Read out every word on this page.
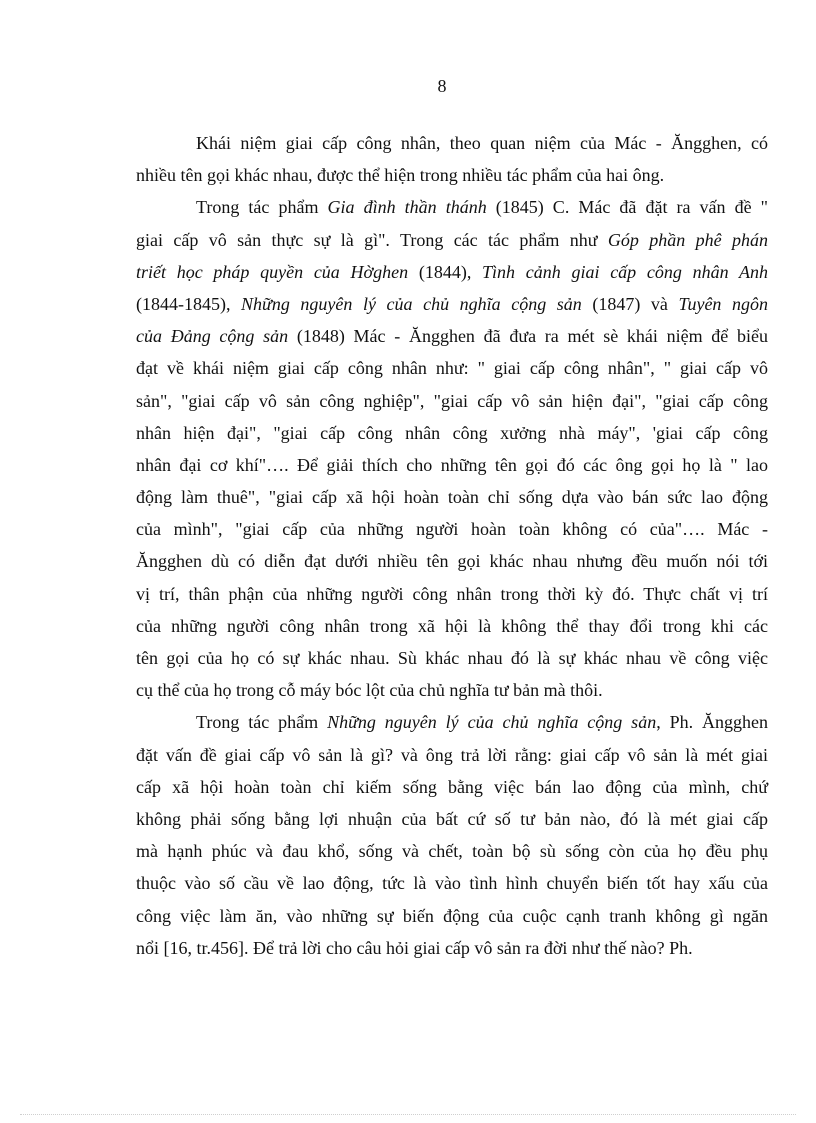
8
Khái niệm giai cấp công nhân, theo quan niệm của Mác - Ăngghen, có
nhiều tên gọi khác nhau, được thể hiện trong nhiều tác phẩm của hai ông.
Trong tác phẩm Gia đình thần thánh (1845) C. Mác đã đặt ra vấn đề "
giai cấp vô sản thực sự là gì". Trong các tác phẩm như Góp phần phê phán
triết học pháp quyền của Hờghen (1844), Tình cảnh giai cấp công nhân Anh
(1844-1845), Những nguyên lý của chủ nghĩa cộng sản (1847) và Tuyên ngôn
của Đảng cộng sản (1848) Mác - Ăngghen đã đưa ra mét sè khái niệm để biểu
đạt về khái niệm giai cấp công nhân như: " giai cấp công nhân", " giai cấp vô
sản", "giai cấp vô sản công nghiệp", "giai cấp vô sản hiện đại", "giai cấp công
nhân hiện đại", "giai cấp công nhân công xưởng nhà máy", 'giai cấp công
nhân đại cơ khí"…. Để giải thích cho những tên gọi đó các ông gọi họ là " lao
động làm thuê", "giai cấp xã hội hoàn toàn chỉ sống dựa vào bán sức lao động
của mình", "giai cấp của những người hoàn toàn không có của"…. Mác -
Ăngghen dù có diễn đạt dưới nhiều tên gọi khác nhau nhưng đều muốn nói tới
vị trí, thân phận của những người công nhân trong thời kỳ đó. Thực chất vị trí
của những người công nhân trong xã hội là không thể thay đổi trong khi các
tên gọi của họ có sự khác nhau. Sù khác nhau đó là sự khác nhau về công việc
cụ thể của họ trong cỗ máy bóc lột của chủ nghĩa tư bản mà thôi.
Trong tác phẩm Những nguyên lý của chủ nghĩa cộng sản, Ph. Ăngghen
đặt vấn đề giai cấp vô sản là gì? và ông trả lời rằng: giai cấp vô sản là mét giai
cấp xã hội hoàn toàn chỉ kiếm sống bằng việc bán lao động của mình, chứ
không phải sống bằng lợi nhuận của bất cứ số tư bản nào, đó là mét giai cấp
mà hạnh phúc và đau khổ, sống và chết, toàn bộ sù sống còn của họ đều phụ
thuộc vào số cầu về lao động, tức là vào tình hình chuyển biến tốt hay xấu của
công việc làm ăn, vào những sự biến động của cuộc cạnh tranh không gì ngăn
nổi [16, tr.456]. Để trả lời cho câu hỏi giai cấp vô sản ra đời như thế nào? Ph.
